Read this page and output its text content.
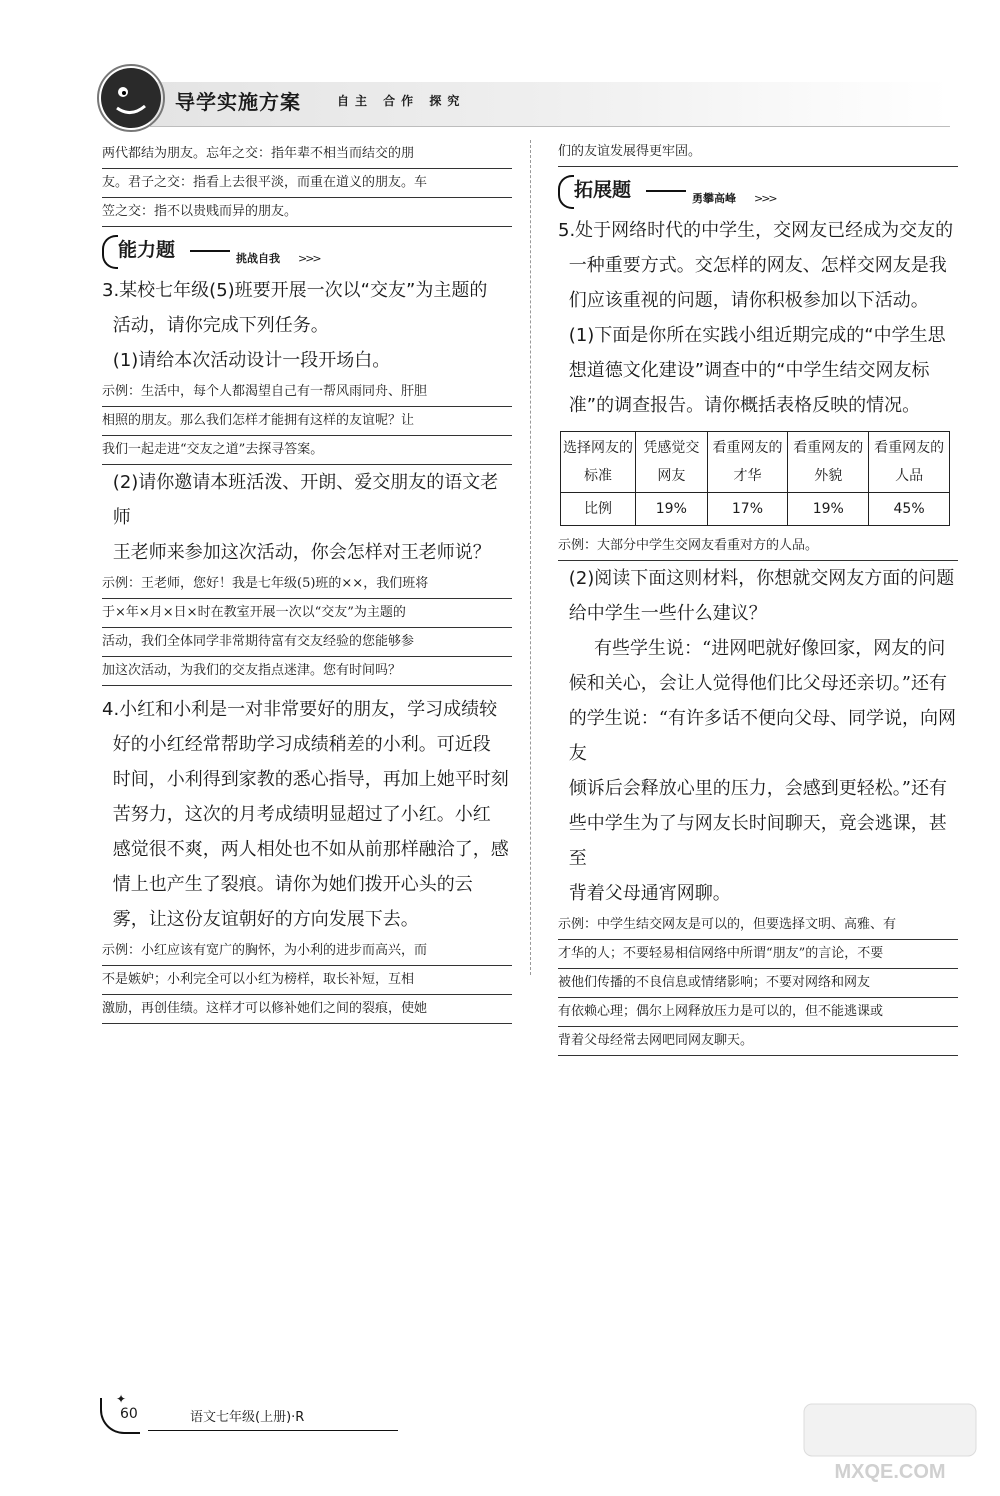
导学实施方案	自主 合作 探究
两代都结为朋友。忘年之交：指年辈不相当而结交的朋
友。君子之交：指看上去很平淡，而重在道义的朋友。车
笠之交：指不以贵贱而异的朋友。
能力题	挑战自我 >>>

3.某校七年级(5)班要开展一次以“交友”为主题的

活动，请你完成下列任务。

(1)请给本次活动设计一段开场白。

示例：生活中，每个人都渴望自己有一帮风雨同舟、肝胆
相照的朋友。那么我们怎样才能拥有这样的友谊呢？让
我们一起走进“交友之道”去探寻答案。

(2)请你邀请本班活泼、开朗、爱交朋友的语文老师

王老师来参加这次活动，你会怎样对王老师说？

示例：王老师，您好！我是七年级(5)班的××，我们班将
于×年×月×日×时在教室开展一次以“交友”为主题的
活动，我们全体同学非常期待富有交友经验的您能够参
加这次活动，为我们的交友指点迷津。您有时间吗？

4.小红和小利是一对非常要好的朋友，学习成绩较

好的小红经常帮助学习成绩稍差的小利。可近段

时间，小利得到家教的悉心指导，再加上她平时刻

苦努力，这次的月考成绩明显超过了小红。小红

感觉很不爽，两人相处也不如从前那样融洽了，感

情上也产生了裂痕。请你为她们拨开心头的云

雾，让这份友谊朝好的方向发展下去。

示例：小红应该有宽广的胸怀，为小利的进步而高兴，而
不是嫉妒；小利完全可以小红为榜样，取长补短，互相
激励，再创佳绩。这样才可以修补她们之间的裂痕，使她
们的友谊发展得更牢固。
拓展题	勇攀高峰 >>>

5.处于网络时代的中学生，交网友已经成为交友的

一种重要方式。交怎样的网友、怎样交网友是我

们应该重视的问题，请你积极参加以下活动。

(1)下面是你所在实践小组近期完成的“中学生思

想道德文化建设”调查中的“中学生结交网友标

准”的调查报告。请你概括表格反映的情况。

选择网友的标准	凭感觉交网友	看重网友的才华	看重网友的外貌	看重网友的人品
比例	19%	17%	19%	45%
示例：大部分中学生交网友看重对方的人品。

(2)阅读下面这则材料，你想就交网友方面的问题

给中学生一些什么建议？

有些学生说：“进网吧就好像回家，网友的问

候和关心，会让人觉得他们比父母还亲切。”还有

的学生说：“有许多话不便向父母、同学说，向网友

倾诉后会释放心里的压力，会感到更轻松。”还有

些中学生为了与网友长时间聊天，竟会逃课，甚至

背着父母通宵网聊。

示例：中学生结交网友是可以的，但要选择文明、高雅、有
才华的人；不要轻易相信网络中所谓“朋友”的言论，不要
被他们传播的不良信息或情绪影响；不要对网络和网友
有依赖心理；偶尔上网释放压力是可以的，但不能逃课或
背着父母经常去网吧同网友聊天。
✦
60	语文七年级(上册)·R
MXQE.COM
